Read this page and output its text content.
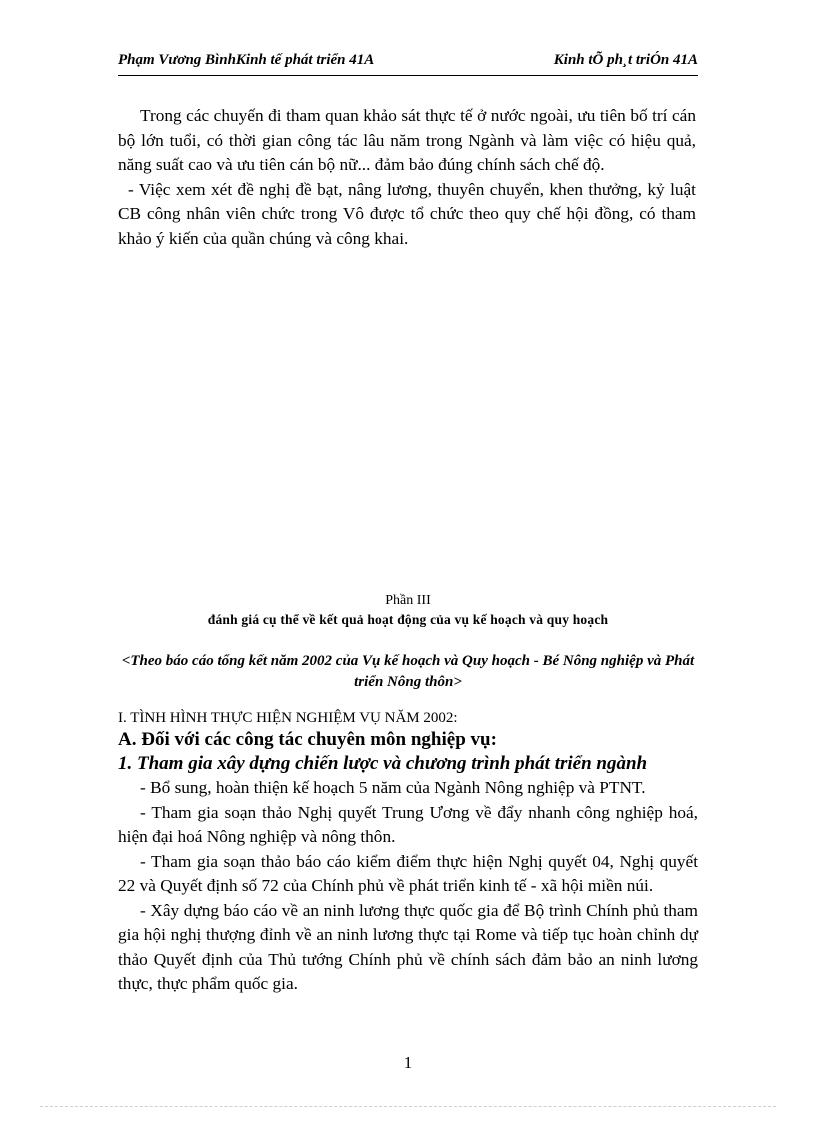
Phạm Vương BìnhKinh tế phát triển 41A	Kinh tÕ ph¸t triÓn 41A

Trong các chuyến đi tham quan khảo sát thực tế ở nước ngoài, ưu tiên bố trí cán bộ lớn tuổi, có thời gian công tác lâu năm trong Ngành và làm việc có hiệu quả, năng suất cao và ưu tiên cán bộ nữ... đảm bảo đúng chính sách chế độ.

- Việc xem xét đề nghị đề bạt, nâng lương, thuyên chuyển, khen thưởng, kỷ luật CB công nhân viên chức trong Vô được tổ chức theo quy chế hội đồng, có tham khảo ý kiến của quần chúng và công khai.

Phần III
đánh giá cụ thể về kết quả hoạt động của vụ kế hoạch và quy hoạch
<Theo báo cáo tổng kết năm 2002 của Vụ kế hoạch và Quy hoạch - Bé Nông nghiệp và Phát triển Nông thôn>

I. TÌNH HÌNH THỰC HIỆN NGHIỆM VỤ NĂM 2002:

A. Đối với các công tác chuyên môn nghiệp vụ:

1. Tham gia xây dựng chiến lược và chương trình phát triển ngành

- Bổ sung, hoàn thiện kế hoạch 5 năm của Ngành Nông nghiệp và PTNT.

- Tham gia soạn thảo Nghị quyết Trung Ương về đẩy nhanh công nghiệp hoá, hiện đại hoá Nông nghiệp và nông thôn.

- Tham gia soạn thảo báo cáo kiểm điểm thực hiện Nghị quyết 04, Nghị quyết 22 và Quyết định số 72 của Chính phủ về phát triển kinh tế - xã hội miền núi.

- Xây dựng báo cáo về an ninh lương thực quốc gia để Bộ trình Chính phủ tham gia hội nghị thượng đỉnh về an ninh lương thực tại Rome và tiếp tục hoàn chỉnh dự thảo Quyết định của Thủ tướng Chính phủ về chính sách đảm bảo an ninh lương thực, thực phẩm quốc gia.

1
